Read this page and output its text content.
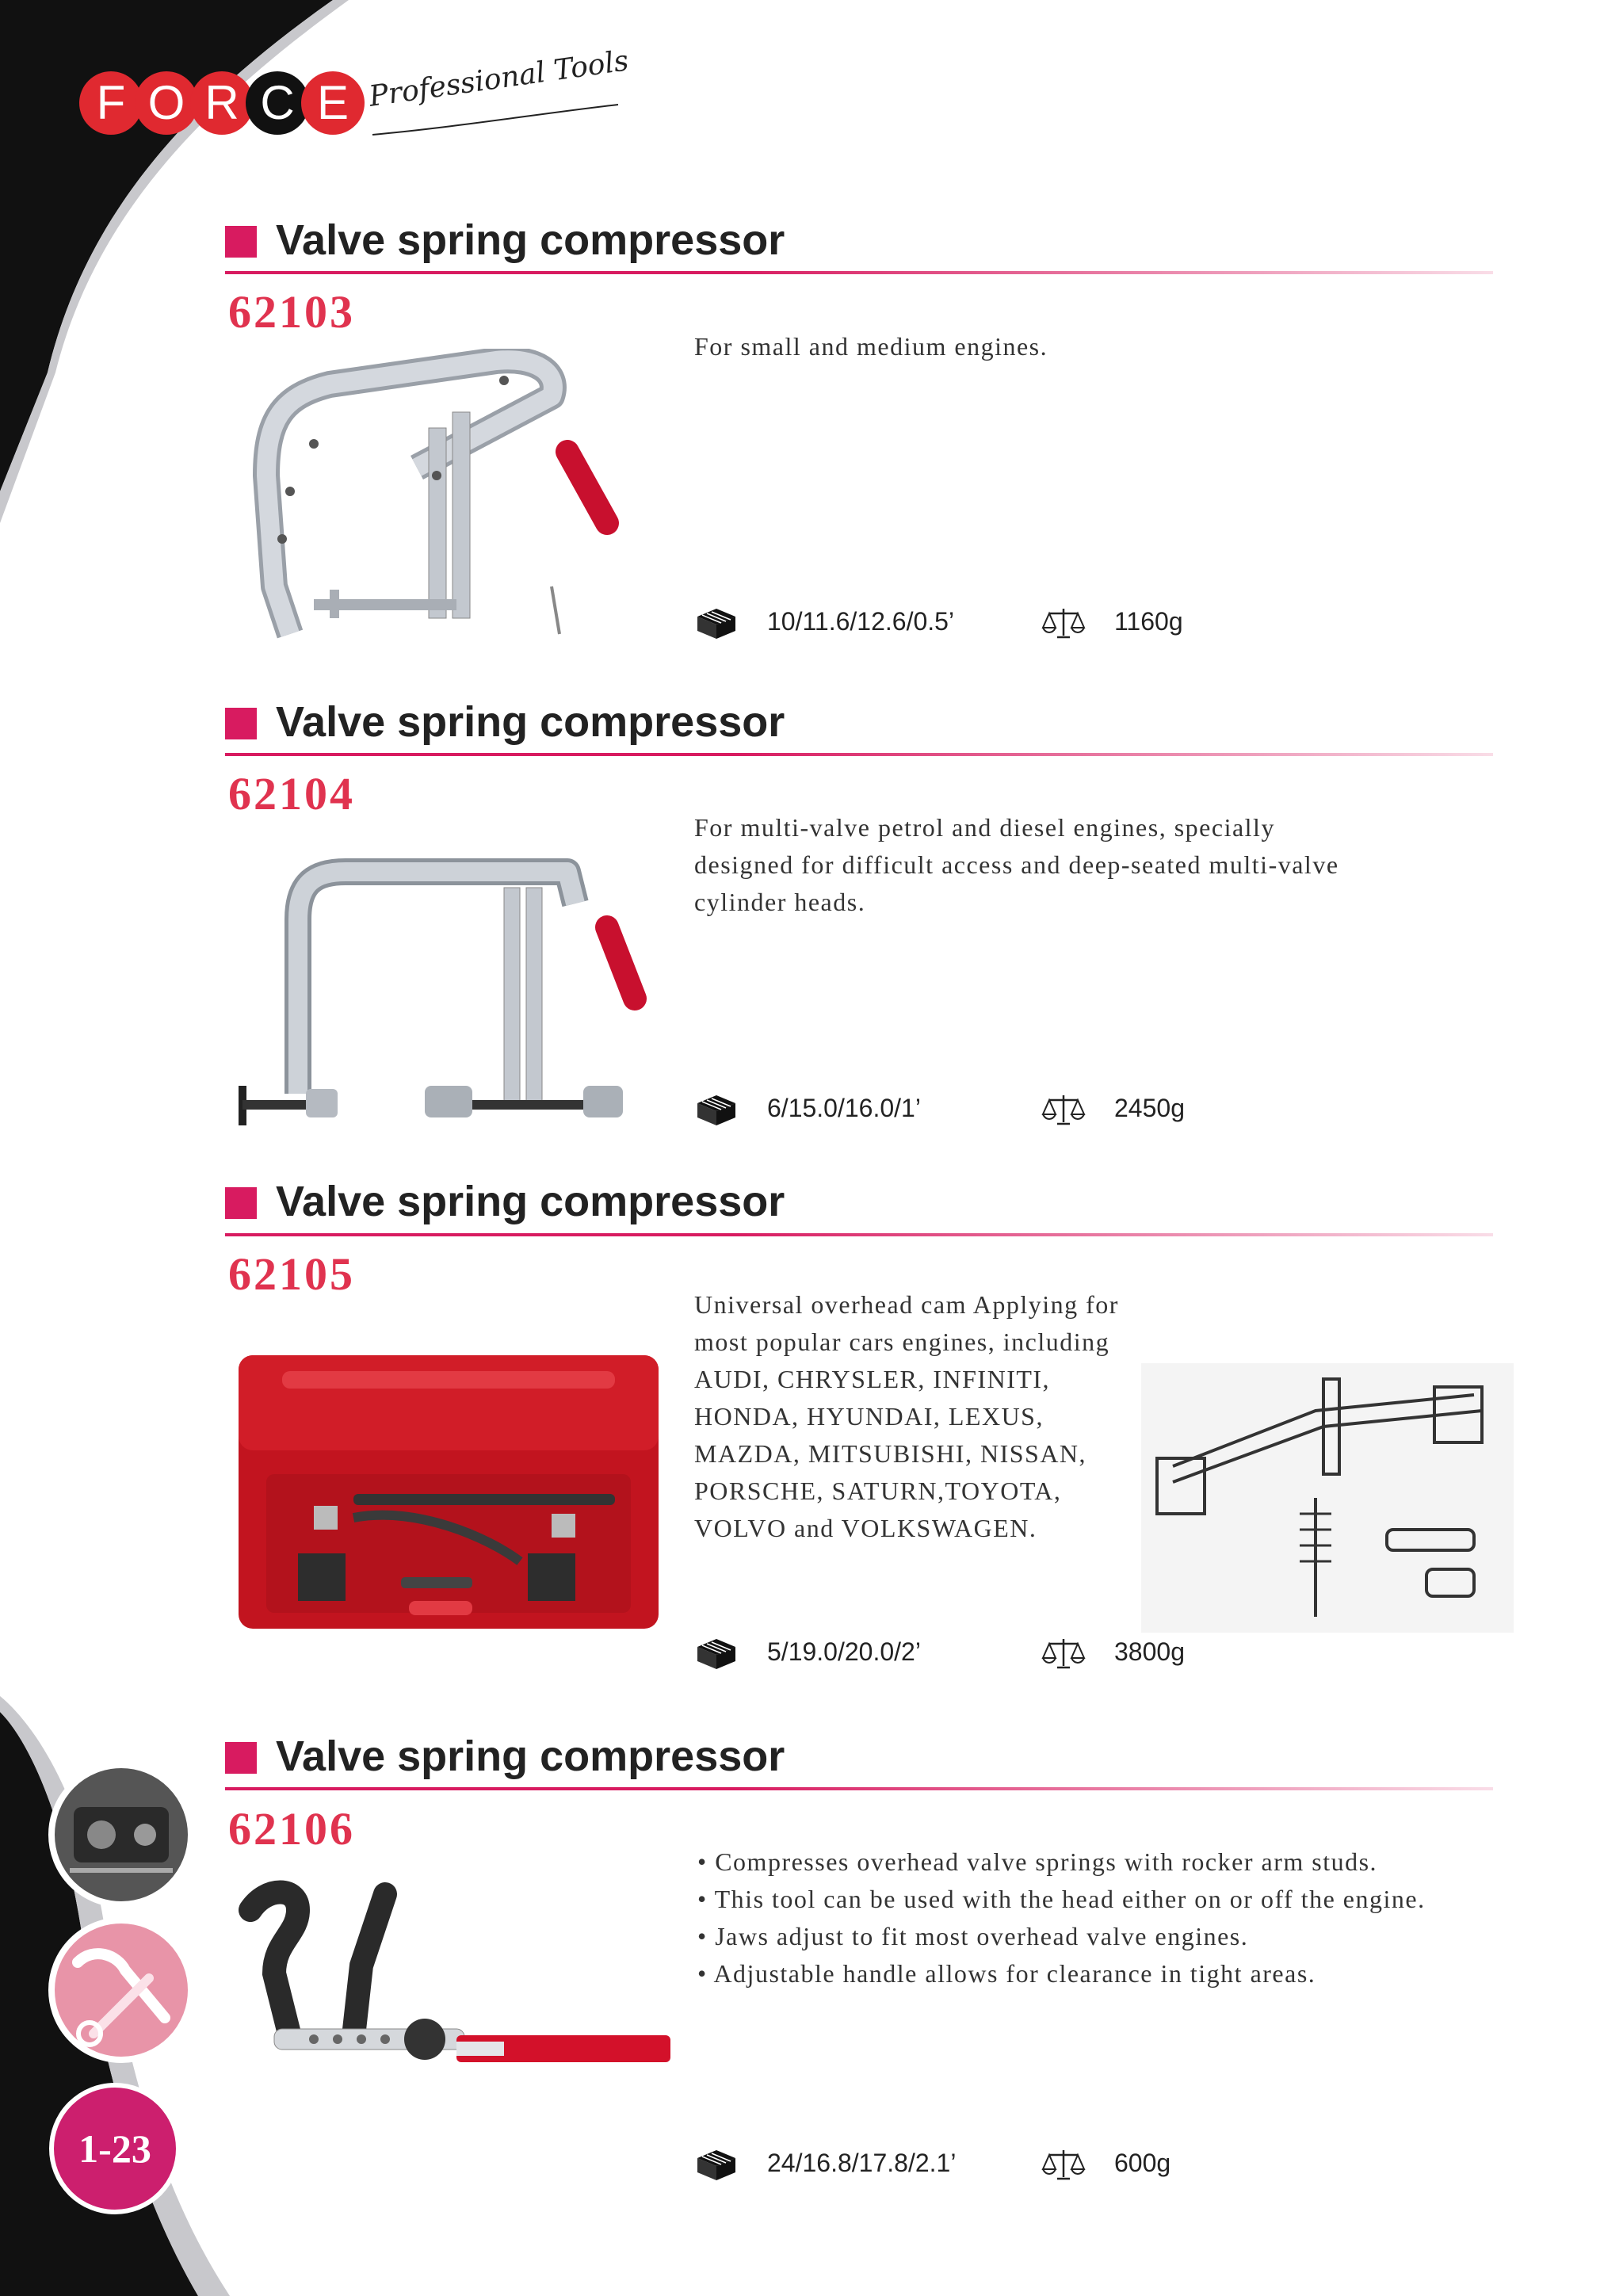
F O R C E Professional Tools
Valve spring compressor
62103

For small and medium engines.

10/11.6/12.6/0.5’	1160g
Valve spring compressor
62104

For multi-valve petrol and diesel engines, specially

designed for difficult access and deep-seated multi-valve

cylinder heads.

6/15.0/16.0/1’	2450g
Valve spring compressor
62105

Universal overhead cam Applying for

most popular cars engines, including

AUDI, CHRYSLER, INFINITI,

HONDA, HYUNDAI, LEXUS,

MAZDA, MITSUBISHI, NISSAN,

PORSCHE, SATURN,TOYOTA,

VOLVO and VOLKSWAGEN.

5/19.0/20.0/2’	3800g
Valve spring compressor
62106
• Compresses overhead valve springs with rocker arm studs.
• This tool can be used with the head either on or off the engine.
• Jaws adjust to fit most overhead valve engines.
• Adjustable handle allows for clearance in tight areas.
24/16.8/17.8/2.1’	600g
1-23
